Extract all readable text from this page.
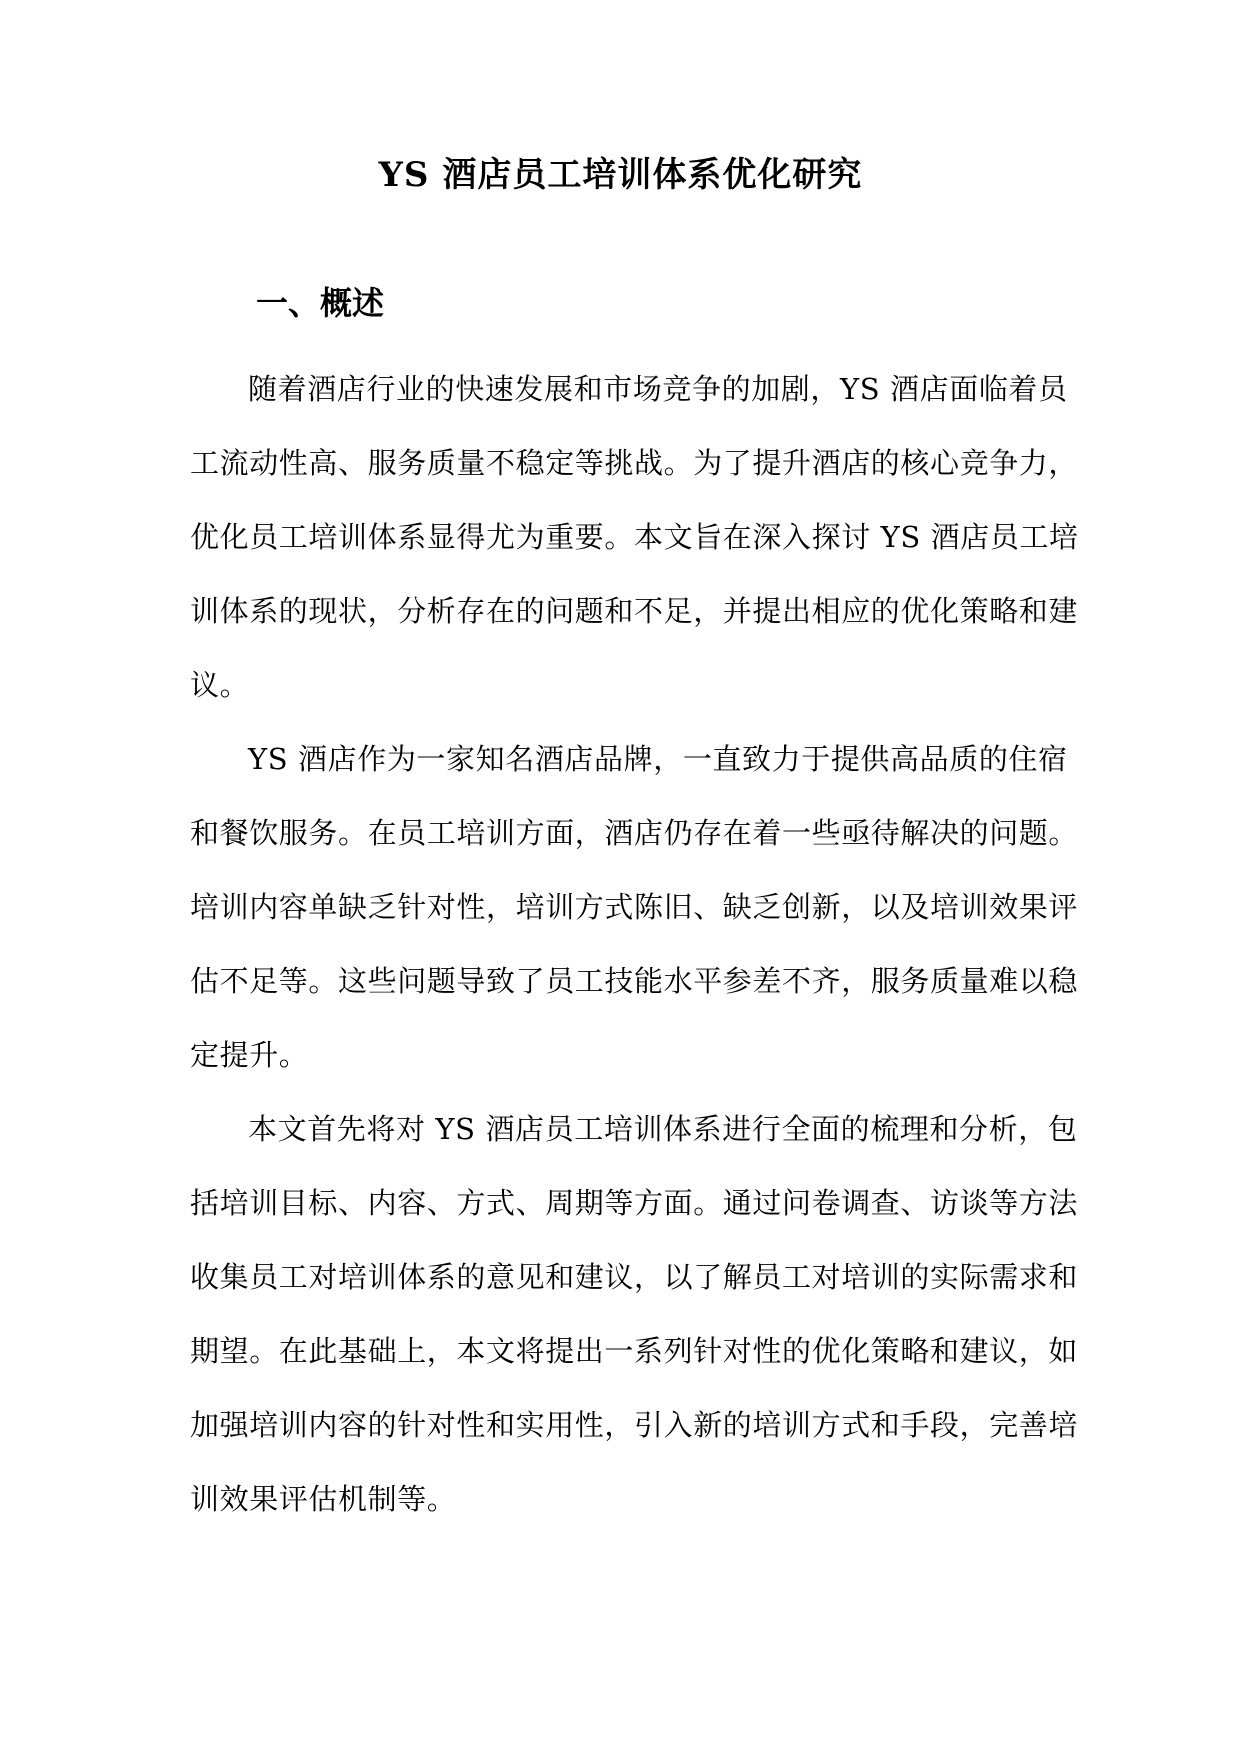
YS 酒店员工培训体系优化研究
一、概述
随着酒店行业的快速发展和市场竞争的加剧，YS 酒店面临着员
工流动性高、服务质量不稳定等挑战。为了提升酒店的核心竞争力，
优化员工培训体系显得尤为重要。本文旨在深入探讨 YS 酒店员工培
训体系的现状，分析存在的问题和不足，并提出相应的优化策略和建
议。
YS 酒店作为一家知名酒店品牌，一直致力于提供高品质的住宿
和餐饮服务。在员工培训方面，酒店仍存在着一些亟待解决的问题。
培训内容单缺乏针对性，培训方式陈旧、缺乏创新，以及培训效果评
估不足等。这些问题导致了员工技能水平参差不齐，服务质量难以稳
定提升。
本文首先将对 YS 酒店员工培训体系进行全面的梳理和分析，包
括培训目标、内容、方式、周期等方面。通过问卷调查、访谈等方法
收集员工对培训体系的意见和建议，以了解员工对培训的实际需求和
期望。在此基础上，本文将提出一系列针对性的优化策略和建议，如
加强培训内容的针对性和实用性，引入新的培训方式和手段，完善培
训效果评估机制等。
